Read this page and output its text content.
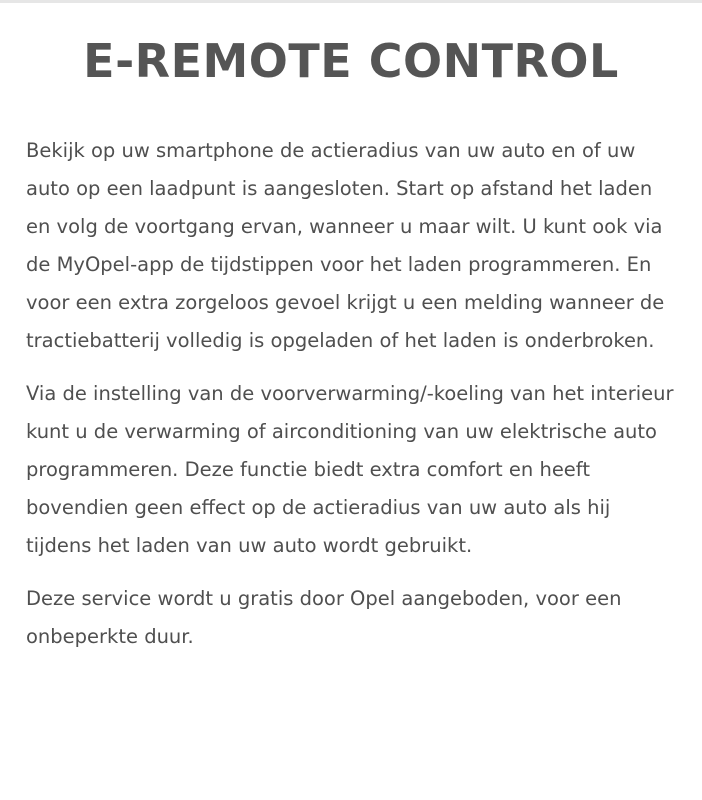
E-REMOTE CONTROL

Bekijk op uw smartphone de actieradius van uw auto en of uw auto op een laadpunt is aangesloten. Start op afstand het laden en volg de voortgang ervan, wanneer u maar wilt. U kunt ook via de MyOpel-app de tijdstippen voor het laden programmeren. En voor een extra zorgeloos gevoel krijgt u een melding wanneer de tractiebatterij volledig is opgeladen of het laden is onderbroken.

Via de instelling van de voorverwarming/-koeling van het interieur kunt u de verwarming of airconditioning van uw elektrische auto programmeren. Deze functie biedt extra comfort en heeft bovendien geen effect op de actieradius van uw auto als hij tijdens het laden van uw auto wordt gebruikt.

Deze service wordt u gratis door Opel aangeboden, voor een onbeperkte duur.
